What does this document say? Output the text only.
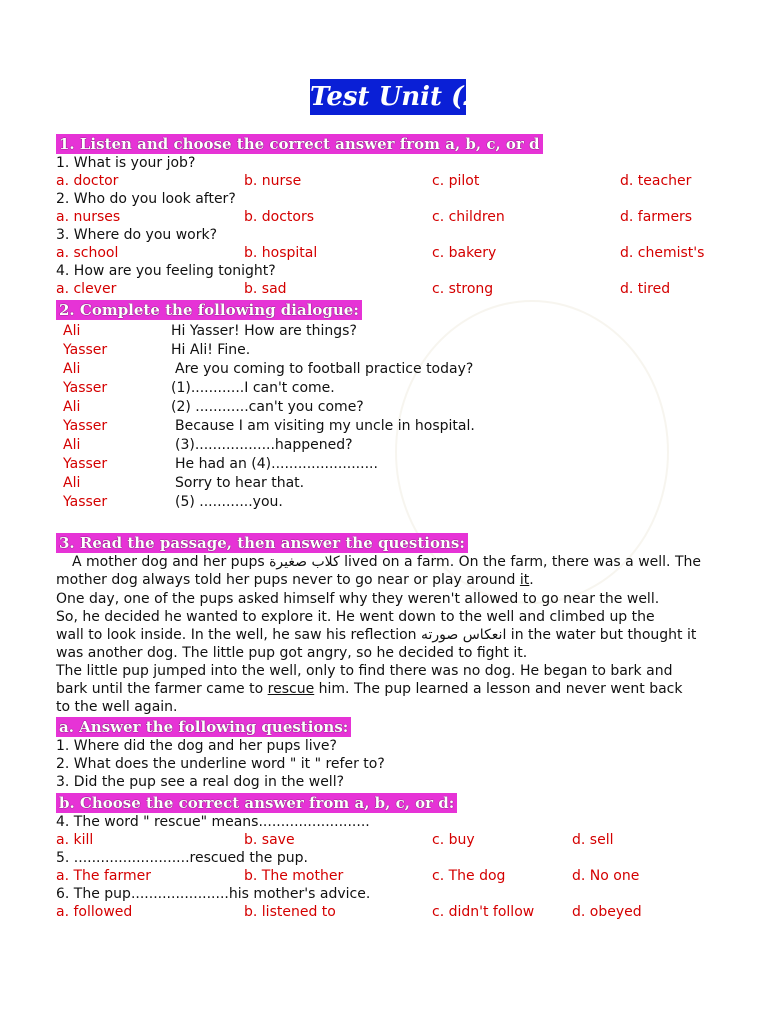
Test Unit (2)
1. Listen and choose the correct answer from a, b, c, or d
1. What is your job?
a. doctor	b. nurse	c. pilot	d. teacher
2. Who do you look after?
a. nurses	b. doctors	c. children	d. farmers
3. Where do you work?
a. school	b. hospital	c. bakery	d. chemist's
4. How are you feeling tonight?
a. clever	b. sad	c. strong	d. tired
2. Complete the following dialogue:
Ali	Hi Yasser! How are things?
Yasser	Hi Ali! Fine.
Ali	Are you coming to football practice today?
Yasser	(1)............I can't come.
Ali	(2) ............can't you come?
Yasser	Because I am visiting my uncle in hospital.
Ali	(3)..................happened?
Yasser	He had an (4)........................
Ali	Sorry to hear that.
Yasser	(5) ............you.
3. Read the passage, then answer the questions:
A mother dog and her pups كلاب صغيرة lived on a farm. On the farm, there was a well. The
mother dog always told her pups never to go near or play around it.
One day, one of the pups asked himself why they weren't allowed to go near the well.
So, he decided he wanted to explore it. He went down to the well and climbed up the
wall to look inside. In the well, he saw his reflection انعكاس صورته in the water but thought it
was another dog. The little pup got angry, so he decided to fight it.
The little pup jumped into the well, only to find there was no dog. He began to bark and
bark until the farmer came to rescue him. The pup learned a lesson and never went back
to the well again.
a. Answer the following questions:
1. Where did the dog and her pups live?
2. What does the underline word " it " refer to?
3. Did the pup see a real dog in the well?
b. Choose the correct answer from a, b, c, or d:
4. The word " rescue" means.........................
a. kill	b. save	c. buy	d. sell
5. ..........................rescued the pup.
a. The farmer	b. The mother	c. The dog	d. No one
6. The pup......................his mother's advice.
a. followed	b. listened to	c. didn't follow	d. obeyed
